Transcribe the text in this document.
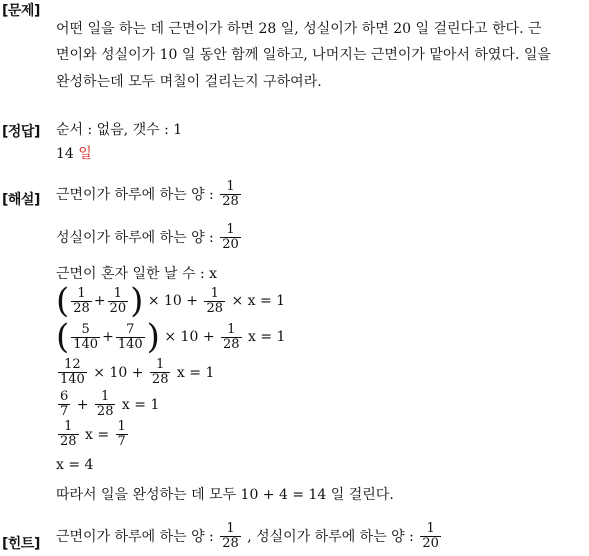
[문제]
어떤 일을 하는 데 근면이가 하면 28 일, 성실이가 하면 20 일 걸린다고 한다. 근
면이와 성실이가 10 일 동안 함께 일하고, 나머지는 근면이가 맡아서 하였다. 일을
완성하는데 모두 며칠이 걸리는지 구하여라.
[정답] 순서 : 없음, 갯수 : 1
14 일
[해설] 근면이가 하루에 하는 양 : $\frac{1}{28}$
성실이가 하루에 하는 양 : $\frac{1}{20}$
근면이 혼자 일한 날 수 : x
( $\frac{1}{28} + \frac{1}{20}$ ) × $10 + \frac{1}{28} \times x = 1$
( $\frac{5}{140} + \frac{7}{140}$ ) × $10 + \frac{1}{28}$ x = 1
$\frac{12}{140} \times 10 + \frac{1}{28}$ x = 1
$\frac{6}{7} + \frac{1}{28}$ x = 1
$\frac{1}{28}$ $x = \frac{1}{7}$
x = 4
따라서 일을 완성하는 데 모두 10 + 4 = 14 일 걸린다.
[힌트] 근면이가 하루에 하는 양 : $\frac{1}{28}$ , 성실이가 하루에 하는 양 : $\frac{1}{20}$
